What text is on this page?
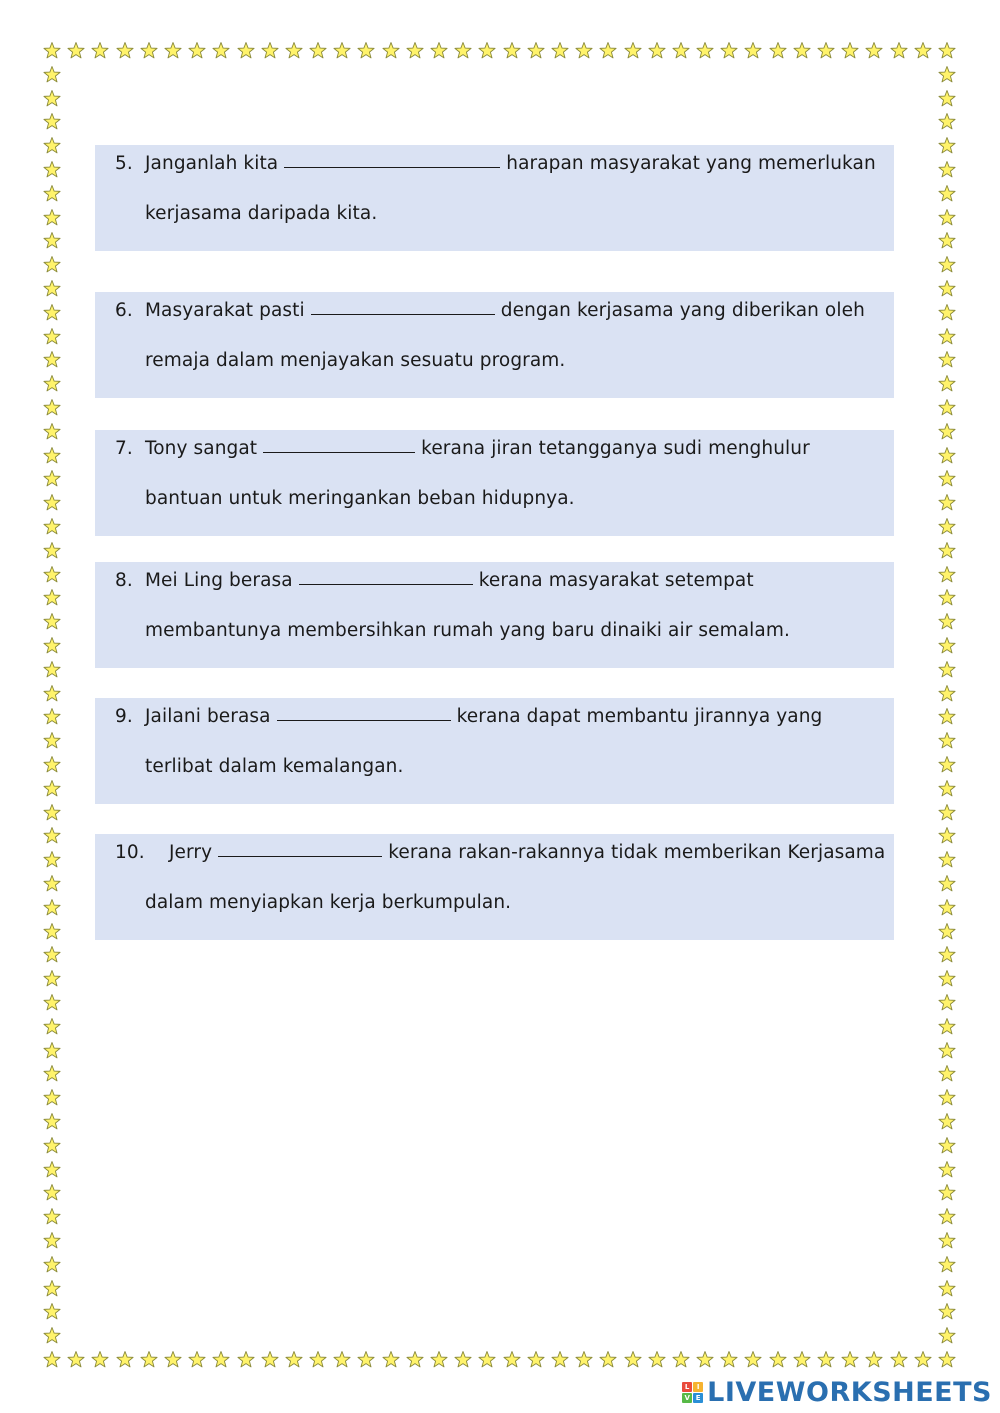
5. Janganlah kita	harapan masyarakat yang memerlukan
kerjasama daripada kita.
6. Masyarakat pasti	dengan kerjasama yang diberikan oleh
remaja dalam menjayakan sesuatu program.
7. Tony sangat	kerana jiran tetangganya sudi menghulur
bantuan untuk meringankan beban hidupnya.
8. Mei Ling berasa	kerana masyarakat setempat
membantunya membersihkan rumah yang baru dinaiki air semalam.
9. Jailani berasa	kerana dapat membantu jirannya yang
terlibat dalam kemalangan.
10. Jerry	kerana rakan-rakannya tidak memberikan Kerjasama
dalam menyiapkan kerja berkumpulan.
L	I
V E LIVEWORKSHEETS
